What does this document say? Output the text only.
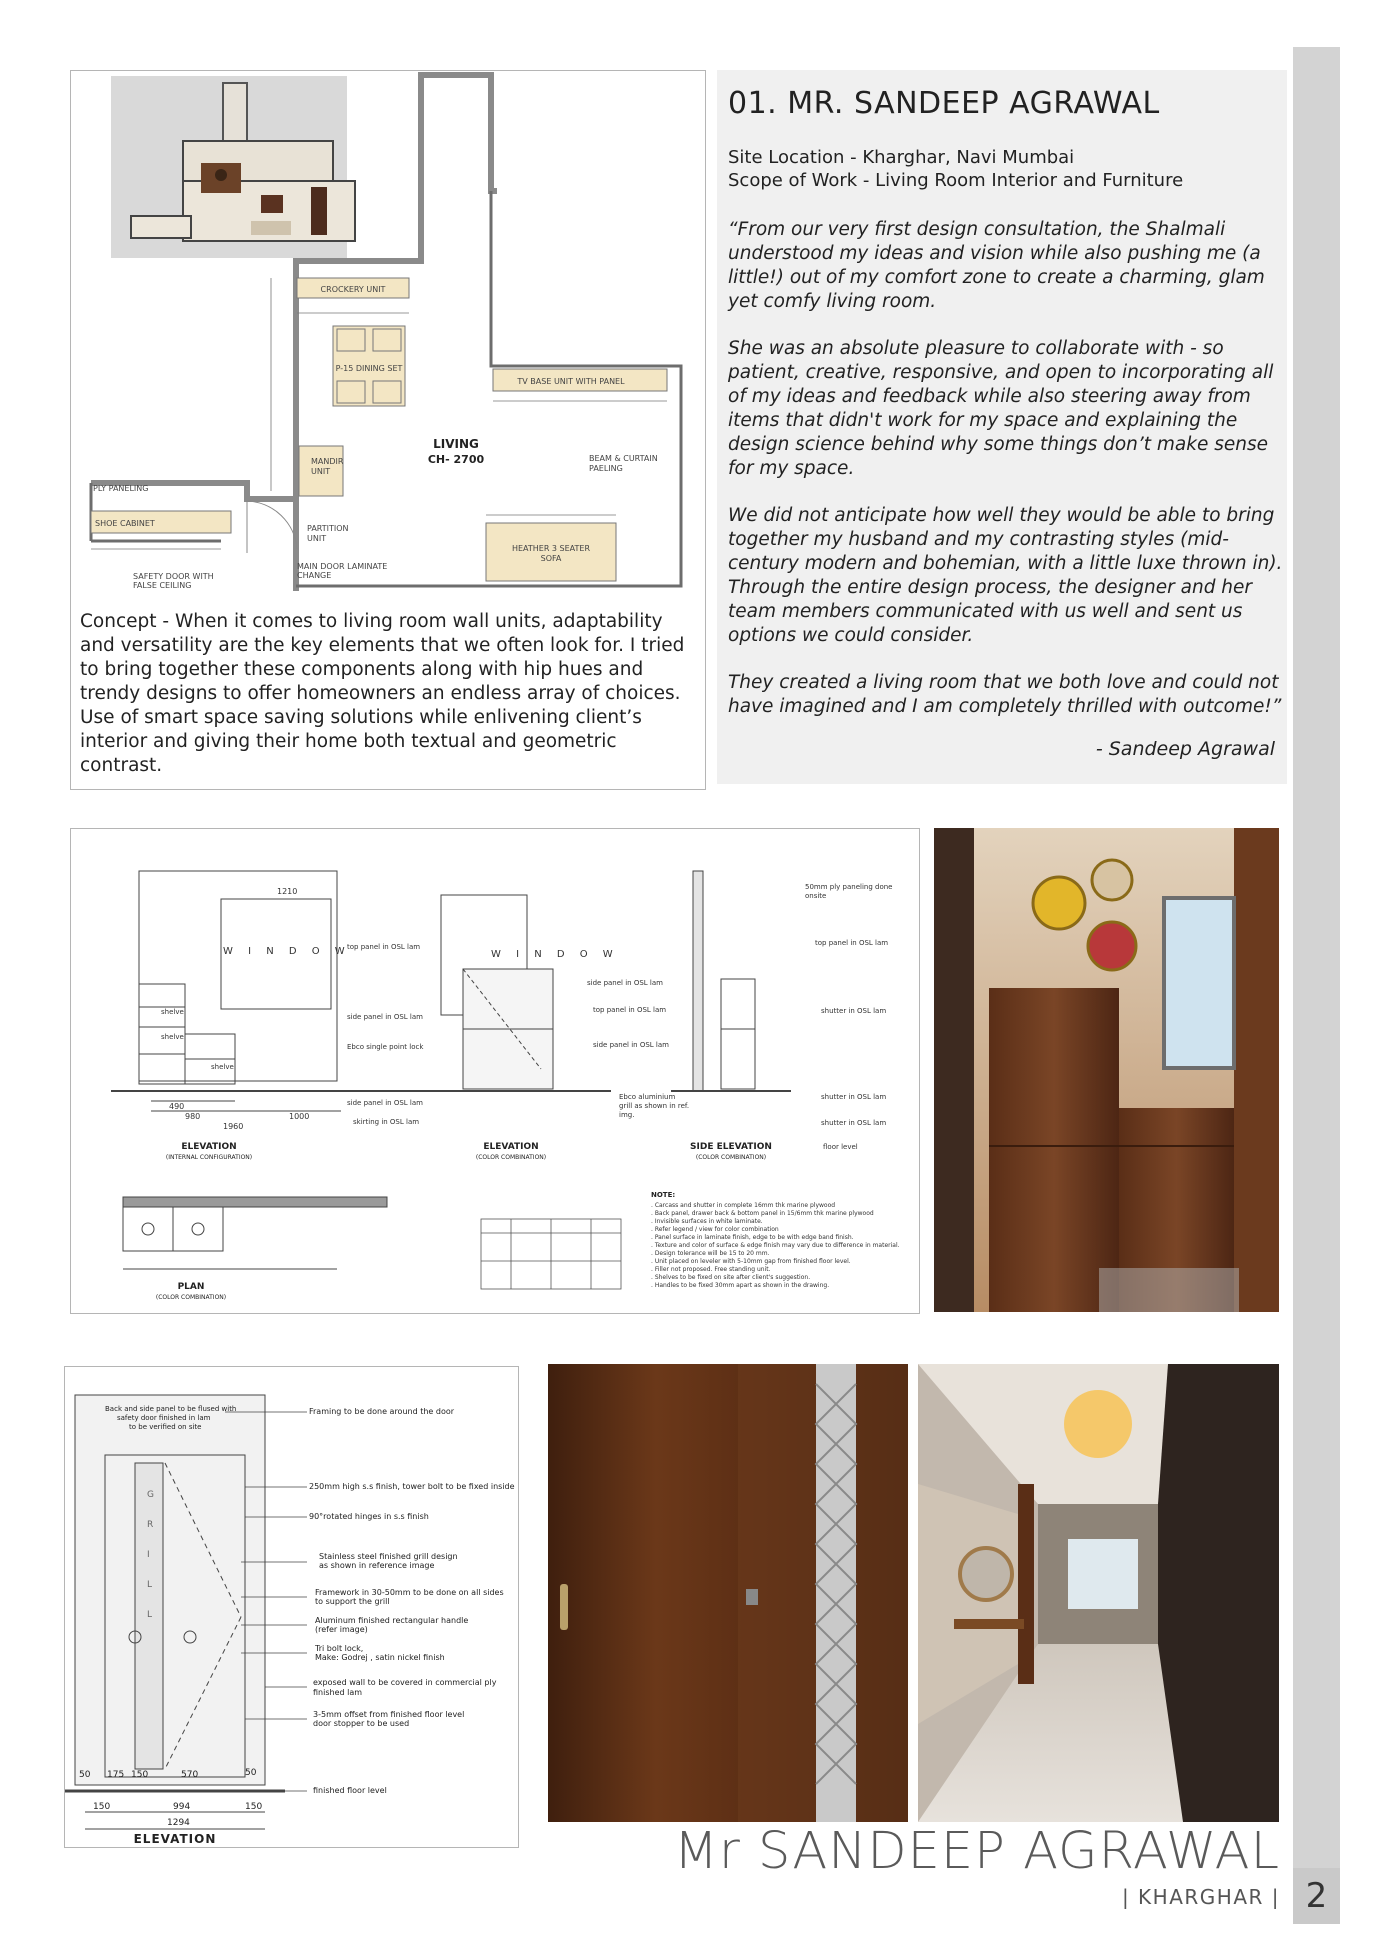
2
CROCKERY UNIT
P-15 DINING SET
TV BASE UNIT WITH PANEL
LIVING
CH- 2700
MANDIR
UNIT
BEAM & CURTAIN
PAELING
PLY PANELING
SHOE CABINET
PARTITION
UNIT
HEATHER 3 SEATER
SOFA
MAIN DOOR LAMINATE
CHANGE
SAFETY DOOR WITH
FALSE CEILING
01. MR. SANDEEP AGRAWAL
Site Location - Kharghar, Navi Mumbai
Scope of Work - Living Room Interior and Furniture

“From our very first design consultation, the Shalmali understood my ideas and vision while also pushing me (a little!) out of my comfort zone to create a charming, glam yet comfy living room.

She was an absolute pleasure to collaborate with - so patient, creative, responsive, and open to incorporating all of my ideas and feedback while also steering away from items that didn't work for my space and explaining the design science behind why some things don’t make sense for my space.

We did not anticipate how well they would be able to bring together my husband and my contrasting styles (mid-century modern and bohemian, with a little luxe thrown in). Through the entire design process, the designer and her team members communicated with us well and sent us options we could consider.

They created a living room that we both love and could not have imagined and I am completely thrilled with outcome!”

- Sandeep Agrawal
Concept - When it comes to living room wall units, adaptability and versatility are the key elements that we often look for. I tried to bring together these components along with hip hues and trendy designs to offer homeowners an endless array of choices. Use of smart space saving solutions while enlivening client’s interior and giving their home both textual and geometric contrast.
1210
W I N D O W
shelve
shelve
shelve
490
980
1960
1000
ELEVATION
(INTERNAL CONFIGURATION)
W I N D O W
top panel in OSL lam
side panel in OSL lam
Ebco single point lock
side panel in OSL lam
skirting in OSL lam
side panel in OSL lam
top panel in OSL lam
side panel in OSL lam
Ebco aluminium
grill as shown in ref.
img.
ELEVATION
(COLOR COMBINATION)
50mm ply paneling done
onsite
top panel in OSL lam
shutter in OSL lam
shutter in OSL lam
shutter in OSL lam
floor level
SIDE ELEVATION
(COLOR COMBINATION)
PLAN
(COLOR COMBINATION)
NOTE:
. Carcass and shutter in complete 16mm thk marine plywood
. Back panel, drawer back & bottom panel in 15/6mm thk marine plywood
. Invisible surfaces in white laminate.
. Refer legend / view for color combination
. Panel surface in laminate finish, edge to be with edge band finish.
. Texture and color of surface & edge finish may vary due to difference in material.
. Design tolerance will be 15 to 20 mm.
. Unit placed on leveler with 5-10mm gap from finished floor level.
. Filler not proposed. Free standing unit.
. Shelves to be fixed on site after client's suggestion.
. Handles to be fixed 30mm apart as shown in the drawing.
Back and side panel to be flused with
safety door finished in lam
to be verified on site
Framing to be done around the door
250mm high s.s finish, tower bolt to be fixed inside
90°rotated hinges in s.s finish
Stainless steel finished grill design
as shown in reference image
Framework in 30-50mm to be done on all sides
to support the grill
Aluminum finished rectangular handle
(refer image)
Tri bolt lock,
Make: Godrej , satin nickel finish
exposed wall to be covered in commercial ply
finished lam
3-5mm offset from finished floor level
door stopper to be used
finished floor level
G
R
I
L
L
50 175 150	570	50
150	994	150
1294
ELEVATION	Mr SANDEEP AGRAWAL
| KHARGHAR |
